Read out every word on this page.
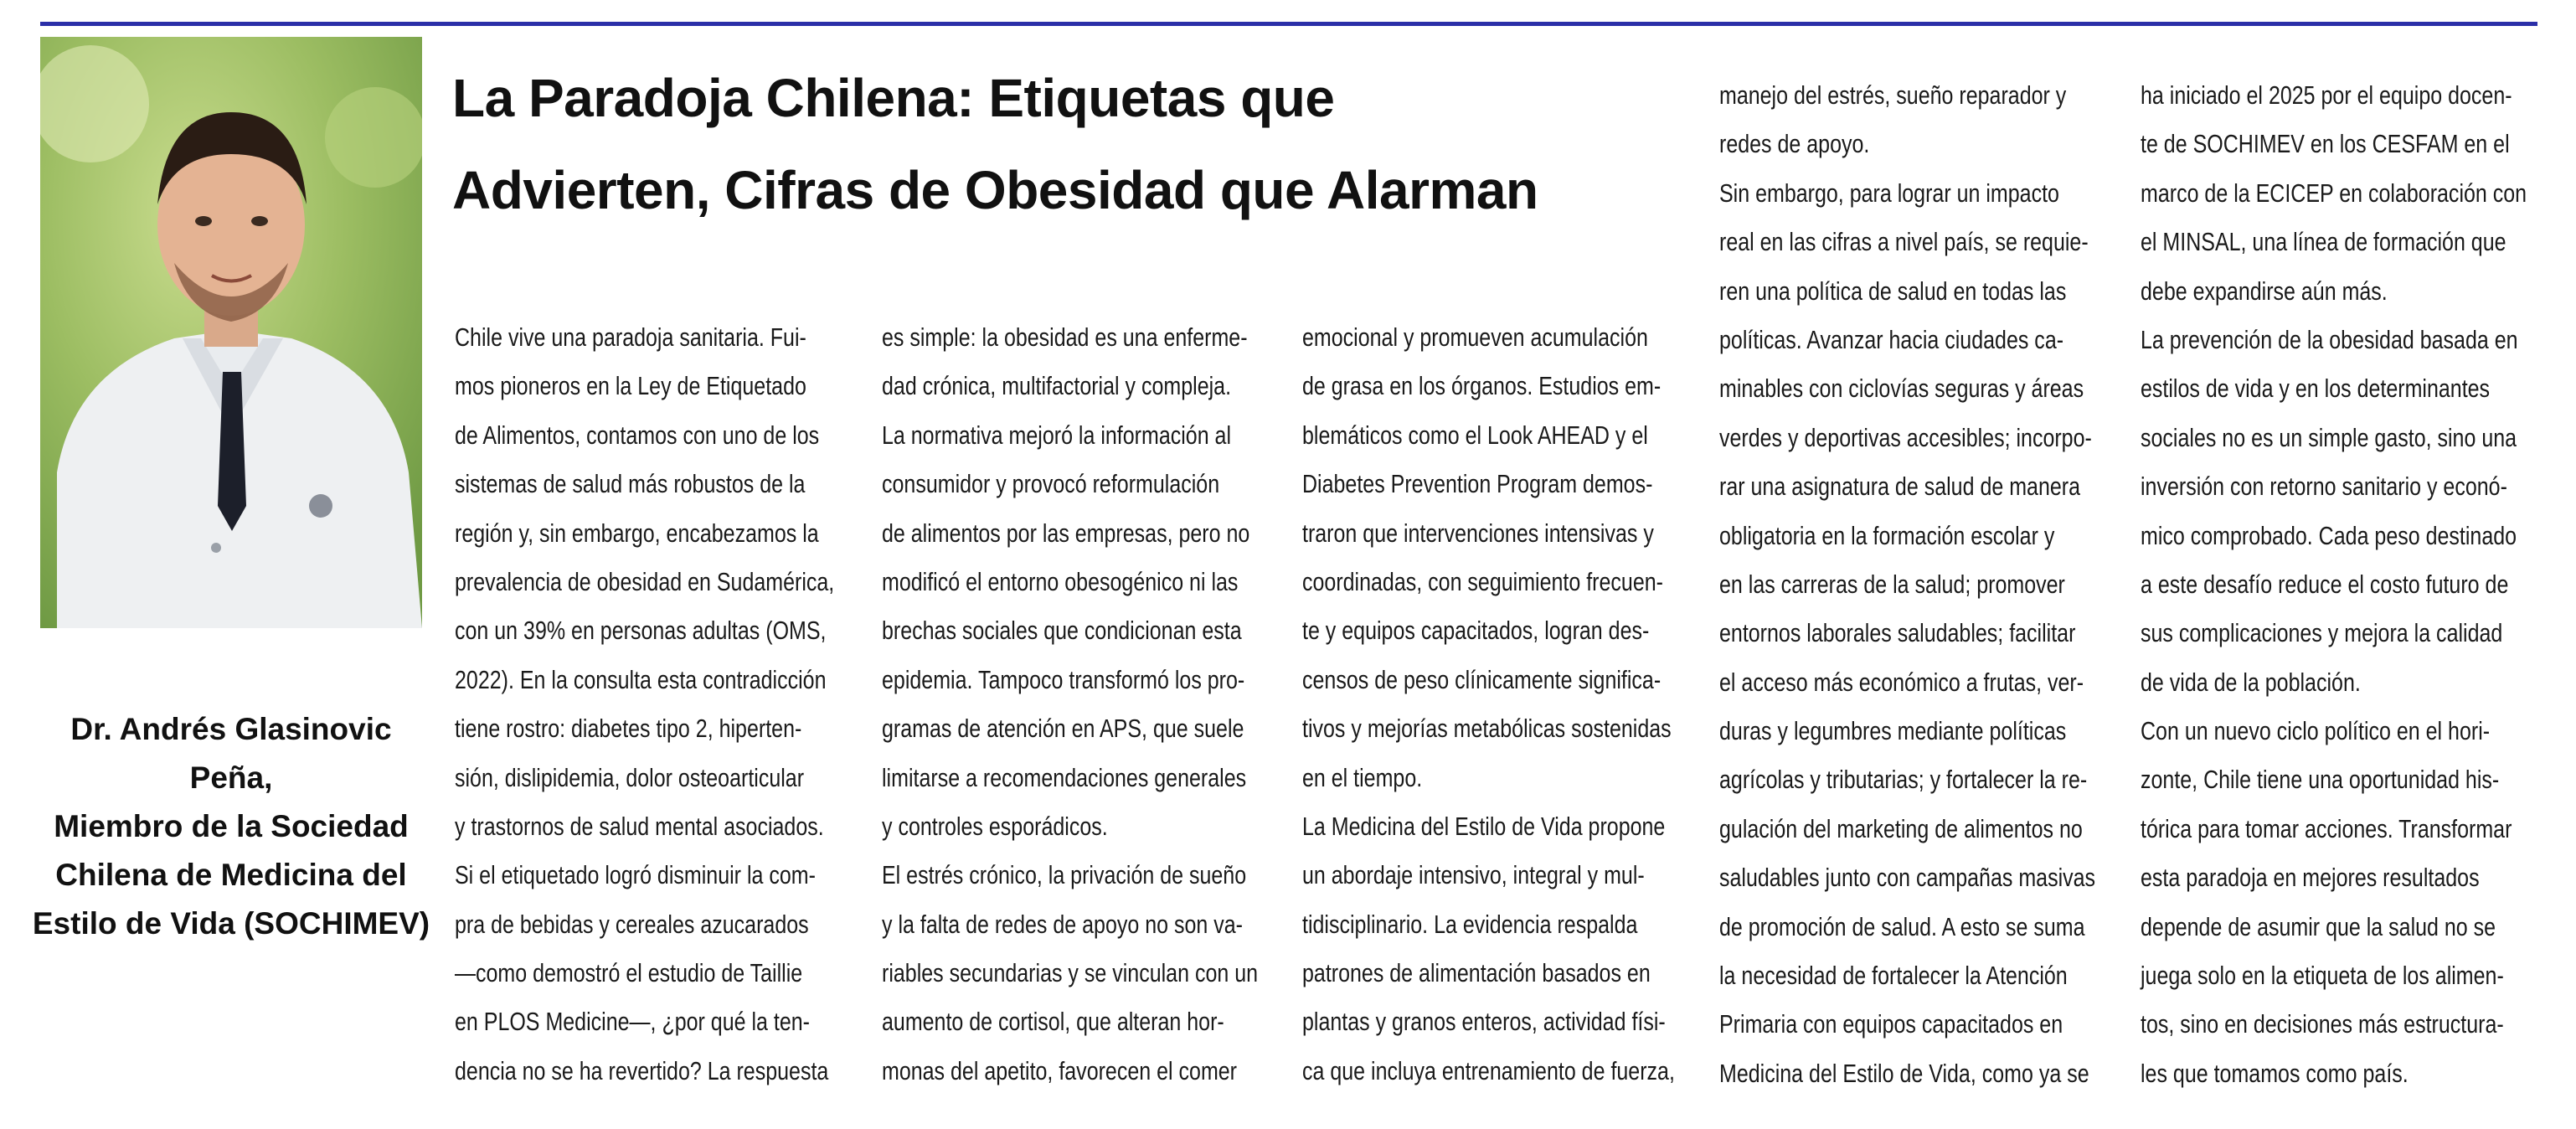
Dr. Andrés Glasinovic Peña,
Miembro de la Sociedad
Chilena de Medicina del
Estilo de Vida (SOCHIMEV)
La Paradoja Chilena: Etiquetas que
Advierten, Cifras de Obesidad que Alarman
Chile vive una paradoja sanitaria. Fui-
mos pioneros en la Ley de Etiquetado
de Alimentos, contamos con uno de los
sistemas de salud más robustos de la
región y, sin embargo, encabezamos la
prevalencia de obesidad en Sudamérica,
con un 39% en personas adultas (OMS,
2022). En la consulta esta contradicción
tiene rostro: diabetes tipo 2, hiperten-
sión, dislipidemia, dolor osteoarticular
y trastornos de salud mental asociados.
Si el etiquetado logró disminuir la com-
pra de bebidas y cereales azucarados
—como demostró el estudio de Taillie
en PLOS Medicine—, ¿por qué la ten-
dencia no se ha revertido? La respuesta
es simple: la obesidad es una enferme-
dad crónica, multifactorial y compleja.
La normativa mejoró la información al
consumidor y provocó reformulación
de alimentos por las empresas, pero no
modificó el entorno obesogénico ni las
brechas sociales que condicionan esta
epidemia. Tampoco transformó los pro-
gramas de atención en APS, que suele
limitarse a recomendaciones generales
y controles esporádicos.
El estrés crónico, la privación de sueño
y la falta de redes de apoyo no son va-
riables secundarias y se vinculan con un
aumento de cortisol, que alteran hor-
monas del apetito, favorecen el comer
emocional y promueven acumulación
de grasa en los órganos. Estudios em-
blemáticos como el Look AHEAD y el
Diabetes Prevention Program demos-
traron que intervenciones intensivas y
coordinadas, con seguimiento frecuen-
te y equipos capacitados, logran des-
censos de peso clínicamente significa-
tivos y mejorías metabólicas sostenidas
en el tiempo.
La Medicina del Estilo de Vida propone
un abordaje intensivo, integral y mul-
tidisciplinario. La evidencia respalda
patrones de alimentación basados en
plantas y granos enteros, actividad físi-
ca que incluya entrenamiento de fuerza,
manejo del estrés, sueño reparador y
redes de apoyo.
Sin embargo, para lograr un impacto
real en las cifras a nivel país, se requie-
ren una política de salud en todas las
políticas. Avanzar hacia ciudades ca-
minables con ciclovías seguras y áreas
verdes y deportivas accesibles; incorpo-
rar una asignatura de salud de manera
obligatoria en la formación escolar y
en las carreras de la salud; promover
entornos laborales saludables; facilitar
el acceso más económico a frutas, ver-
duras y legumbres mediante políticas
agrícolas y tributarias; y fortalecer la re-
gulación del marketing de alimentos no
saludables junto con campañas masivas
de promoción de salud. A esto se suma
la necesidad de fortalecer la Atención
Primaria con equipos capacitados en
Medicina del Estilo de Vida, como ya se
ha iniciado el 2025 por el equipo docen-
te de SOCHIMEV en los CESFAM en el
marco de la ECICEP en colaboración con
el MINSAL, una línea de formación que
debe expandirse aún más.
La prevención de la obesidad basada en
estilos de vida y en los determinantes
sociales no es un simple gasto, sino una
inversión con retorno sanitario y econó-
mico comprobado. Cada peso destinado
a este desafío reduce el costo futuro de
sus complicaciones y mejora la calidad
de vida de la población.
Con un nuevo ciclo político en el hori-
zonte, Chile tiene una oportunidad his-
tórica para tomar acciones. Transformar
esta paradoja en mejores resultados
depende de asumir que la salud no se
juega solo en la etiqueta de los alimen-
tos, sino en decisiones más estructura-
les que tomamos como país.
